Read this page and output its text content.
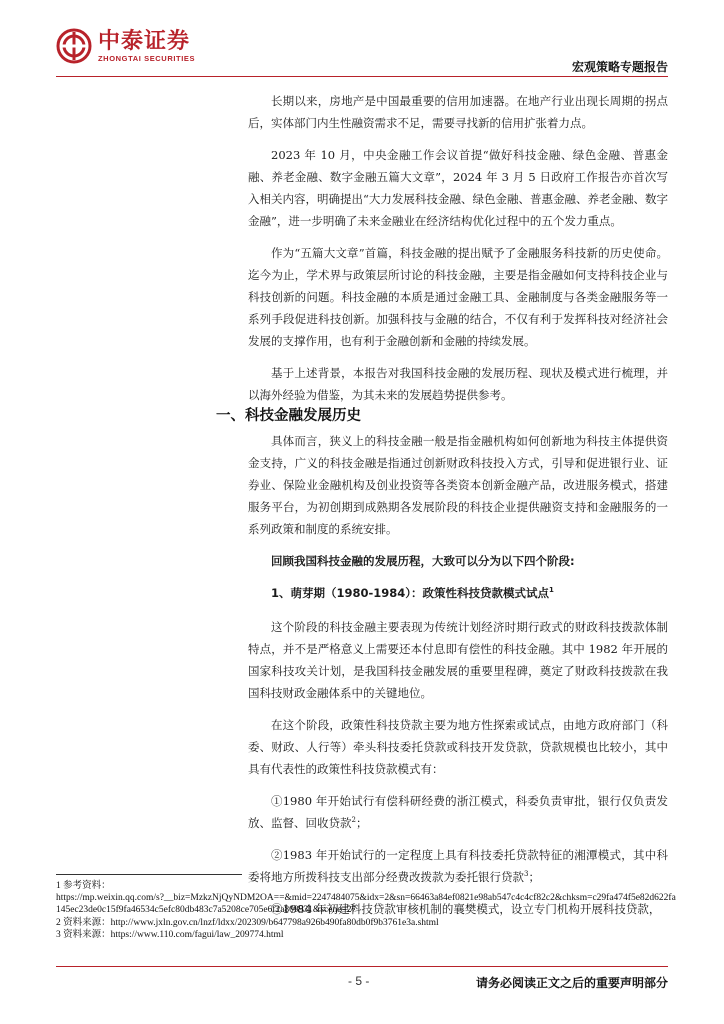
中泰证券
ZHONGTAI SECURITIES
宏观策略专题报告

长期以来，房地产是中国最重要的信用加速器。在地产行业出现长周期的拐点后，实体部门内生性融资需求不足，需要寻找新的信用扩张着力点。

2023 年 10 月，中央金融工作会议首提“做好科技金融、绿色金融、普惠金融、养老金融、数字金融五篇大文章”，2024 年 3 月 5 日政府工作报告亦首次写入相关内容，明确提出“大力发展科技金融、绿色金融、普惠金融、养老金融、数字金融”，进一步明确了未来金融业在经济结构优化过程中的五个发力重点。

作为“五篇大文章”首篇，科技金融的提出赋予了金融服务科技新的历史使命。迄今为止，学术界与政策层所讨论的科技金融，主要是指金融如何支持科技企业与科技创新的问题。科技金融的本质是通过金融工具、金融制度与各类金融服务等一系列手段促进科技创新。加强科技与金融的结合，不仅有利于发挥科技对经济社会发展的支撑作用，也有利于金融创新和金融的持续发展。

基于上述背景，本报告对我国科技金融的发展历程、现状及模式进行梳理，并以海外经验为借鉴，为其未来的发展趋势提供参考。

一、科技金融发展历史

具体而言，狭义上的科技金融一般是指金融机构如何创新地为科技主体提供资金支持，广义的科技金融是指通过创新财政科技投入方式，引导和促进银行业、证券业、保险业金融机构及创业投资等各类资本创新金融产品，改进服务模式，搭建服务平台，为初创期到成熟期各发展阶段的科技企业提供融资支持和金融服务的一系列政策和制度的系统安排。

回顾我国科技金融的发展历程，大致可以分为以下四个阶段:

1、萌芽期（1980-1984）：政策性科技贷款模式试点$^1$

这个阶段的科技金融主要表现为传统计划经济时期行政式的财政科技拨款体制特点，并不是严格意义上需要还本付息即有偿性的科技金融。其中 1982 年开展的国家科技攻关计划，是我国科技金融发展的重要里程碑，奠定了财政科技拨款在我国科技财政金融体系中的关键地位。

在这个阶段，政策性科技贷款主要为地方性探索或试点，由地方政府部门（科委、财政、人行等）牵头科技委托贷款或科技开发贷款，贷款规模也比较小，其中具有代表性的政策性科技贷款模式有：

①1980 年开始试行有偿科研经费的浙江模式，科委负责审批，银行仅负责发放、监督、回收贷款$^2$；

②1983 年开始试行的一定程度上具有科技委托贷款特征的湘潭模式，其中科委将地方所拨科技支出部分经费改拨款为委托银行贷款$^3$；

③1984 年初建科技贷款审核机制的襄樊模式，设立专门机构开展科技贷款，

1 参考资料：
https://mp.weixin.qq.com/s?__biz=MzkzNjQyNDM2OA==&mid=2247484075&idx=2&sn=66463a84ef0821e98ab547c4c4cf82c2&chksm=c29fa474f5e82d622fa145ec23de0c15f9fa46534c5efc80db483c7a5208ce705e6f2a809931&scene=27
2 资料来源：http://www.jxln.gov.cn/lnzf/ldxx/202309/b647798a926b490fa80db0f9b3761e3a.shtml
3 资料来源：https://www.110.com/fagui/law_209774.html
- 5 -	请务必阅读正文之后的重要声明部分
